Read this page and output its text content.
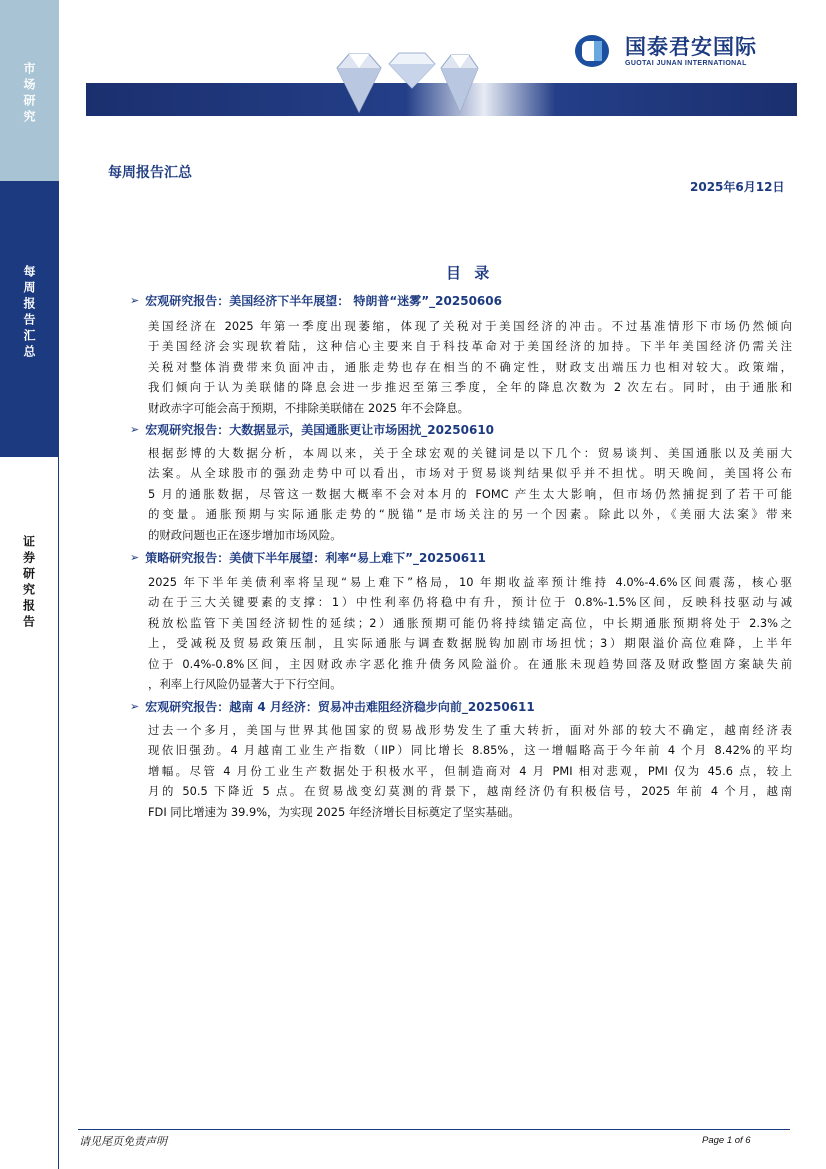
市场研究
每周报告汇总
证券研究报告
国泰君安国际
GUOTAI JUNAN INTERNATIONAL
每周报告汇总
2025年6月12日
目 录
➢ 宏观研究报告：美国经济下半年展望： 特朗普“迷雾”_20250606
美国经济在 2025 年第一季度出现萎缩，体现了关税对于美国经济的冲击。不过基准情形下市场仍然倾向
于美国经济会实现软着陆，这种信心主要来自于科技革命对于美国经济的加持。下半年美国经济仍需关注
关税对整体消费带来负面冲击，通胀走势也存在相当的不确定性，财政支出端压力也相对较大。政策端，
我们倾向于认为美联储的降息会进一步推迟至第三季度，全年的降息次数为 2 次左右。同时，由于通胀和
财政赤字可能会高于预期，不排除美联储在 2025 年不会降息。
➢ 宏观研究报告：大数据显示，美国通胀更让市场困扰_20250610
根据彭博的大数据分析，本周以来，关于全球宏观的关键词是以下几个：贸易谈判、美国通胀以及美丽大
法案。从全球股市的强劲走势中可以看出，市场对于贸易谈判结果似乎并不担忧。明天晚间，美国将公布
5 月的通胀数据，尽管这一数据大概率不会对本月的 FOMC 产生太大影响，但市场仍然捕捉到了若干可能
的变量。通胀预期与实际通胀走势的“脱锚”是市场关注的另一个因素。除此以外，《美丽大法案》带来
的财政问题也正在逐步增加市场风险。
➢ 策略研究报告：美债下半年展望：利率“易上难下”_20250611
2025 年下半年美债利率将呈现“易上难下”格局，10 年期收益率预计维持 4.0%-4.6%区间震荡，核心驱
动在于三大关键要素的支撑：1）中性利率仍将稳中有升，预计位于 0.8%-1.5%区间，反映科技驱动与减
税放松监管下美国经济韧性的延续；2）通胀预期可能仍将持续锚定高位，中长期通胀预期将处于 2.3%之
上，受减税及贸易政策压制，且实际通胀与调查数据脱钩加剧市场担忧；3）期限溢价高位难降，上半年
位于 0.4%-0.8%区间，主因财政赤字恶化推升债务风险溢价。在通胀未现趋势回落及财政整固方案缺失前
，利率上行风险仍显著大于下行空间。
➢ 宏观研究报告：越南 4 月经济：贸易冲击难阻经济稳步向前_20250611
过去一个多月，美国与世界其他国家的贸易战形势发生了重大转折，面对外部的较大不确定，越南经济表
现依旧强劲。4 月越南工业生产指数（IIP）同比增长 8.85%，这一增幅略高于今年前 4 个月 8.42%的平均
增幅。尽管 4 月份工业生产数据处于积极水平，但制造商对 4 月 PMI 相对悲观，PMI 仅为 45.6 点，较上
月的 50.5 下降近 5 点。在贸易战变幻莫测的背景下，越南经济仍有积极信号，2025 年前 4 个月，越南
FDI 同比增速为 39.9%，为实现 2025 年经济增长目标奠定了坚实基础。
请见尾页免责声明	Page 1 of 6
